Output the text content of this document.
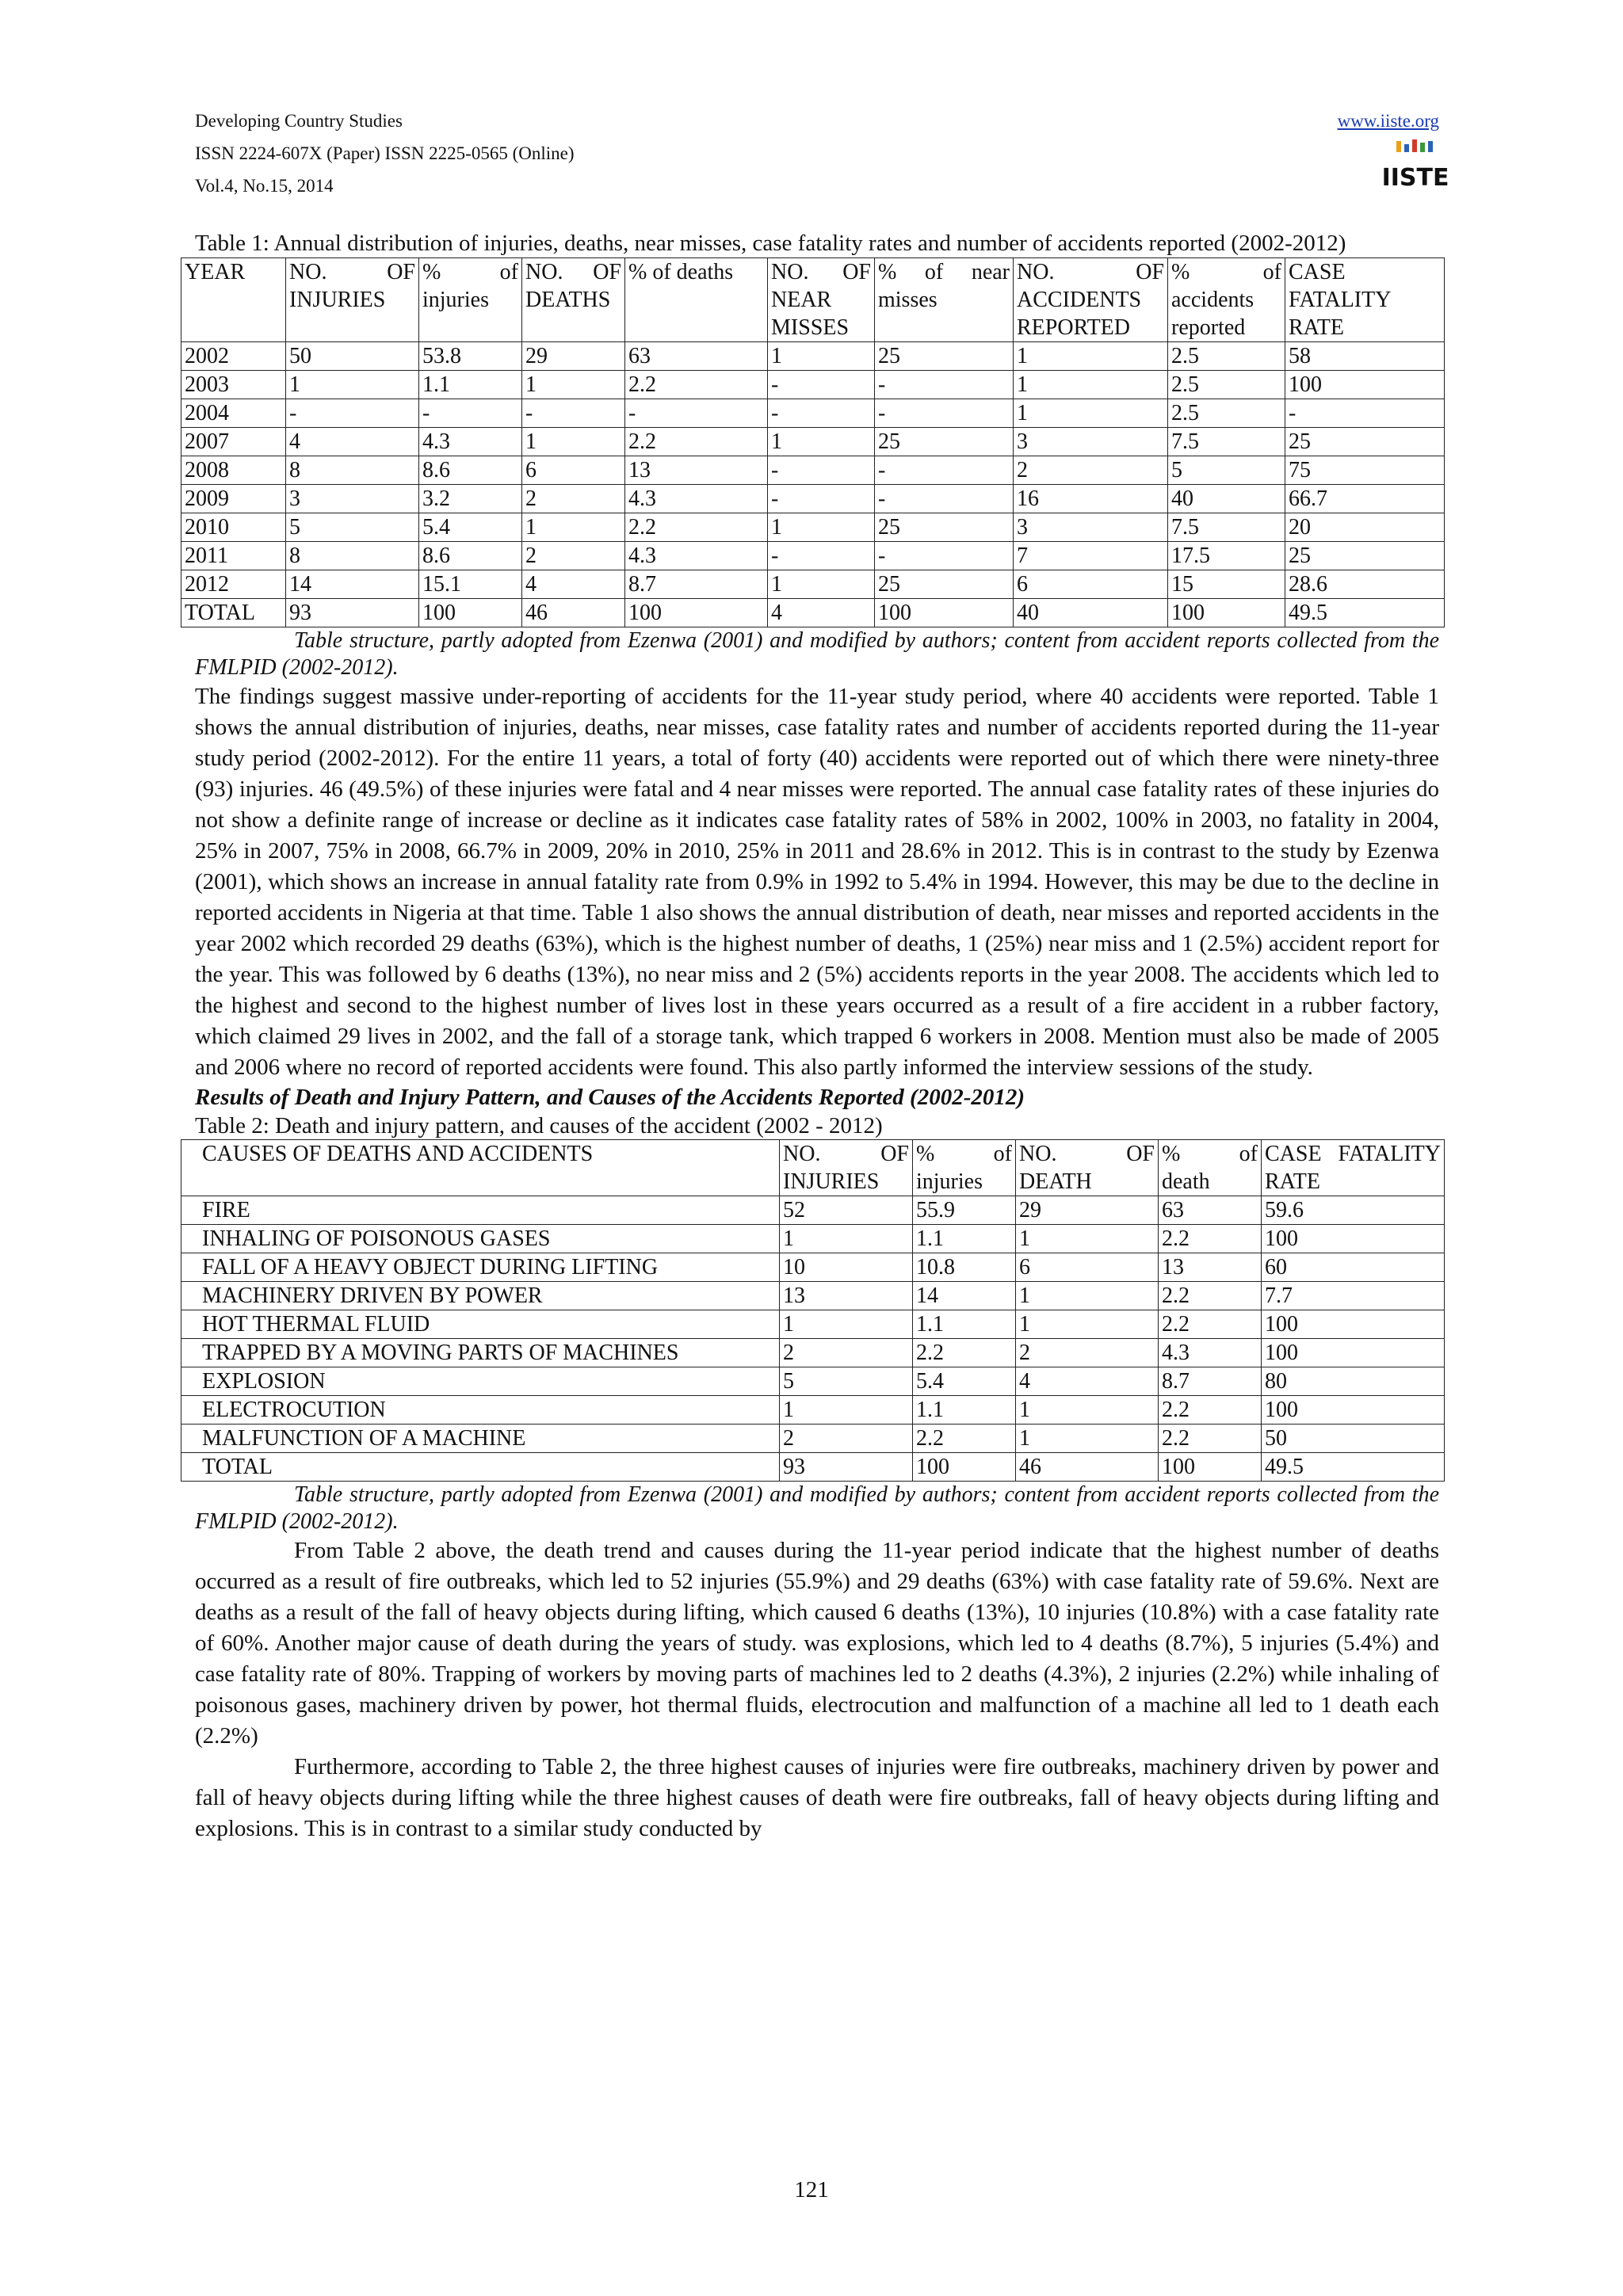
Developing Country Studies
ISSN 2224-607X (Paper) ISSN 2225-0565 (Online)
Vol.4, No.15, 2014
www.iiste.org
IISTE

Table 1: Annual distribution of injuries, deaths, near misses, case fatality rates and number of accidents reported (2002-2012)

YEAR	NO. OF INJURIES	% of injuries	NO. OF DEATHS	% of deaths	NO. OF NEAR MISSES	% of near misses	NO. OF ACCIDENTS REPORTED	% of accidents reported	CASE FATALITY RATE
2002	50	53.8	29	63	1	25	1	2.5	58
2003	1	1.1	1	2.2	-	-	1	2.5	100
2004	-	-	-	-	-	-	1	2.5	-
2007	4	4.3	1	2.2	1	25	3	7.5	25
2008	8	8.6	6	13	-	-	2	5	75
2009	3	3.2	2	4.3	-	-	16	40	66.7
2010	5	5.4	1	2.2	1	25	3	7.5	20
2011	8	8.6	2	4.3	-	-	7	17.5	25
2012	14	15.1	4	8.7	1	25	6	15	28.6
TOTAL	93	100	46	100	4	100	40	100	49.5

Table structure, partly adopted from Ezenwa (2001) and modified by authors; content from accident reports collected from the FMLPID (2002-2012).

The findings suggest massive under-reporting of accidents for the 11-year study period, where 40 accidents were reported. Table 1 shows the annual distribution of injuries, deaths, near misses, case fatality rates and number of accidents reported during the 11-year study period (2002-2012). For the entire 11 years, a total of forty (40) accidents were reported out of which there were ninety-three (93) injuries. 46 (49.5%) of these injuries were fatal and 4 near misses were reported. The annual case fatality rates of these injuries do not show a definite range of increase or decline as it indicates case fatality rates of 58% in 2002, 100% in 2003, no fatality in 2004, 25% in 2007, 75% in 2008, 66.7% in 2009, 20% in 2010, 25% in 2011 and 28.6% in 2012. This is in contrast to the study by Ezenwa (2001), which shows an increase in annual fatality rate from 0.9% in 1992 to 5.4% in 1994. However, this may be due to the decline in reported accidents in Nigeria at that time. Table 1 also shows the annual distribution of death, near misses and reported accidents in the year 2002 which recorded 29 deaths (63%), which is the highest number of deaths, 1 (25%) near miss and 1 (2.5%) accident report for the year. This was followed by 6 deaths (13%), no near miss and 2 (5%) accidents reports in the year 2008. The accidents which led to the highest and second to the highest number of lives lost in these years occurred as a result of a fire accident in a rubber factory, which claimed 29 lives in 2002, and the fall of a storage tank, which trapped 6 workers in 2008. Mention must also be made of 2005 and 2006 where no record of reported accidents were found. This also partly informed the interview sessions of the study.

Results of Death and Injury Pattern, and Causes of the Accidents Reported (2002-2012)

Table 2: Death and injury pattern, and causes of the accident (2002 - 2012)

CAUSES OF DEATHS AND ACCIDENTS	NO. OF INJURIES	% of injuries	NO. OF DEATH	% of death	CASE FATALITY RATE
FIRE	52	55.9	29	63	59.6
INHALING OF POISONOUS GASES	1	1.1	1	2.2	100
FALL OF A HEAVY OBJECT DURING LIFTING	10	10.8	6	13	60
MACHINERY DRIVEN BY POWER	13	14	1	2.2	7.7
HOT THERMAL FLUID	1	1.1	1	2.2	100
TRAPPED BY A MOVING PARTS OF MACHINES	2	2.2	2	4.3	100
EXPLOSION	5	5.4	4	8.7	80
ELECTROCUTION	1	1.1	1	2.2	100
MALFUNCTION OF A MACHINE	2	2.2	1	2.2	50
TOTAL	93	100	46	100	49.5

Table structure, partly adopted from Ezenwa (2001) and modified by authors; content from accident reports collected from the FMLPID (2002-2012).

From Table 2 above, the death trend and causes during the 11-year period indicate that the highest number of deaths occurred as a result of fire outbreaks, which led to 52 injuries (55.9%) and 29 deaths (63%) with case fatality rate of 59.6%. Next are deaths as a result of the fall of heavy objects during lifting, which caused 6 deaths (13%), 10 injuries (10.8%) with a case fatality rate of 60%. Another major cause of death during the years of study. was explosions, which led to 4 deaths (8.7%), 5 injuries (5.4%) and case fatality rate of 80%. Trapping of workers by moving parts of machines led to 2 deaths (4.3%), 2 injuries (2.2%) while inhaling of poisonous gases, machinery driven by power, hot thermal fluids, electrocution and malfunction of a machine all led to 1 death each (2.2%)

Furthermore, according to Table 2, the three highest causes of injuries were fire outbreaks, machinery driven by power and fall of heavy objects during lifting while the three highest causes of death were fire outbreaks, fall of heavy objects during lifting and explosions. This is in contrast to a similar study conducted by

121
